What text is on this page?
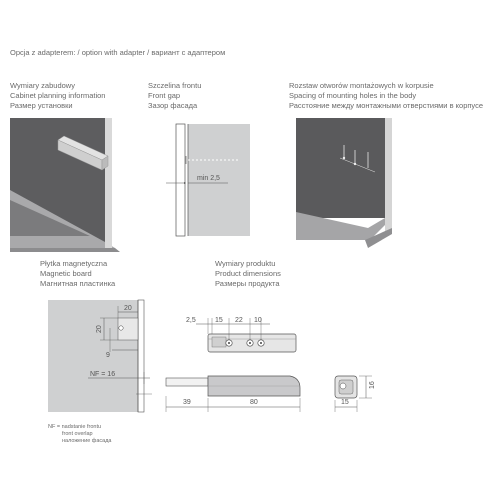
Opcja z adapterem: / option with adapter / вариант с адаптером
Wymiary zabudowy
Cabinet planning information
Размер установки
Szczelina frontu
Front gap
Зазор фасада
Rozstaw otworów montażowych w korpusie
Spacing of mounting holes in the body
Расстояние между монтажными отверстиями в корпусе
Płytka magnetyczna
Magnetic board
Магнитная пластинка
Wymiary produktu
Product dimensions
Размеры продукта
NF = nadstanie frontu
front overlap
наложение фасада
min 2,5
20
20
9
NF = 16
2,5	15 22 10
39	80	15
16
